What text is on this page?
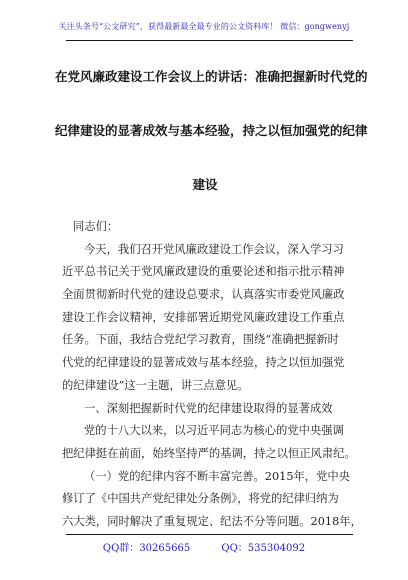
关注头条号“公文研究”，获得最新最全最专业的公文资料库！ 微信：gongwenyj
在党风廉政建设工作会议上的讲话：准确把握新时代党的
纪律建设的显著成效与基本经验，持之以恒加强党的纪律
建设
同志们：
今天，我们召开党风廉政建设工作会议，深入学习习
近平总书记关于党风廉政建设的重要论述和指示批示精神
全面贯彻新时代党的建设总要求，认真落实市委党风廉政
建设工作会议精神，安排部署近期党风廉政建设工作重点
任务。下面，我结合党纪学习教育，围绕“准确把握新时
代党的纪律建设的显著成效与基本经验，持之以恒加强党
的纪律建设”这一主题，讲三点意见。
一、深刻把握新时代党的纪律建设取得的显著成效
党的十八大以来，以习近平同志为核心的党中央强调
把纪律挺在前面，始终坚持严的基调，持之以恒正风肃纪。
（一）党的纪律内容不断丰富完善。2015年，党中央
修订了《中国共产党纪律处分条例》，将党的纪律归纳为
六大类，同时解决了重复规定、纪法不分等问题。2018年，
QQ群：30265665	QQ：535304092
